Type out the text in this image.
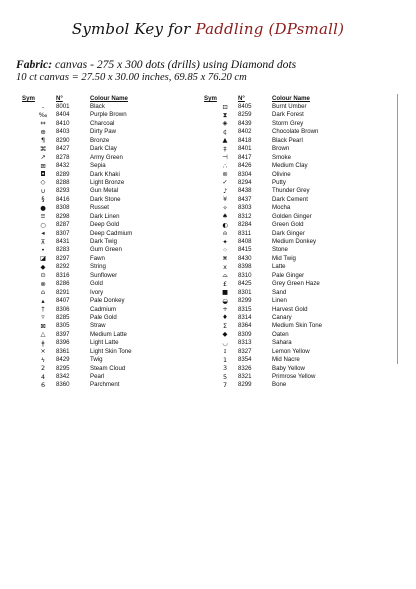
Symbol Key for Paddling (DPsmall)
Fabric: canvas - 275 x 300 dots (drills) using Diamond dots
10 ct canvas = 27.50 x 30.00 inches, 69.85 x 76.20 cm
Sym	N°	Colour Name
-	8001	Black
‰	8404	Purple Brown
⇔	8410	Charcoal
⊕	8403	Dirty Paw
¶	8290	Bronze
⌘	8427	Dark Clay
↗	8278	Army Green
⊞	8432	Sepia
◘	8289	Dark Khaki
◇	8288	Light Bronze
∪	8293	Gun Metal
§	8416	Dark Stone
●	8308	Russet
≡	8298	Dark Linen
○	8287	Deep Gold
◂	8307	Deep Cadmium
⊼	8431	Dark Twig
•	8283	Gum Green
◪	8297	Fawn
◆	8292	String
⊙	8316	Sunflower
⊗	8286	Gold
⌂	8291	Ivory
▴	8407	Pale Donkey
†	8306	Cadmium
▿	8285	Pale Gold
⊠	8305	Straw
△	8397	Medium Latte
ǂ	8396	Light Latte
×	8361	Light Skin Tone
ϟ	8429	Twig
2	8295	Steam Cloud
4	8342	Pearl
6	8360	Parchment
Sym	N°	Colour Name
⊡	8405	Burnt Umber
⧗	8259	Dark Forest
◈	8439	Storm Grey
¢	8402	Chocolate Brown
▲	8418	Black Pearl
‡	8401	Brown
⊣	8417	Smoke
∴	8426	Medium Clay
⊜	8304	Olivine
✓	8294	Putty
♪	8438	Thunder Grey
¥	8437	Dark Cement
✧	8303	Mocha
♠	8312	Golden Ginger
◐	8284	Green Gold
⍝	8311	Dark Ginger
✦	8408	Medium Donkey
⁘	8415	Stone
⋇	8430	Mid Twig
x	8398	Latte
⌓	8310	Pale Ginger
£	8425	Grey Green Haze
■	8301	Sand
◒	8299	Linen
+	8315	Harvest Gold
♦	8314	Canary
Σ	8364	Medium Skin Tone
◆	8309	Oaten
◡	8313	Sahara
ɪ	8327	Lemon Yellow
1	8354	Mid Nacre
3	8326	Baby Yellow
5	8321	Primrose Yellow
7	8299	Bone
